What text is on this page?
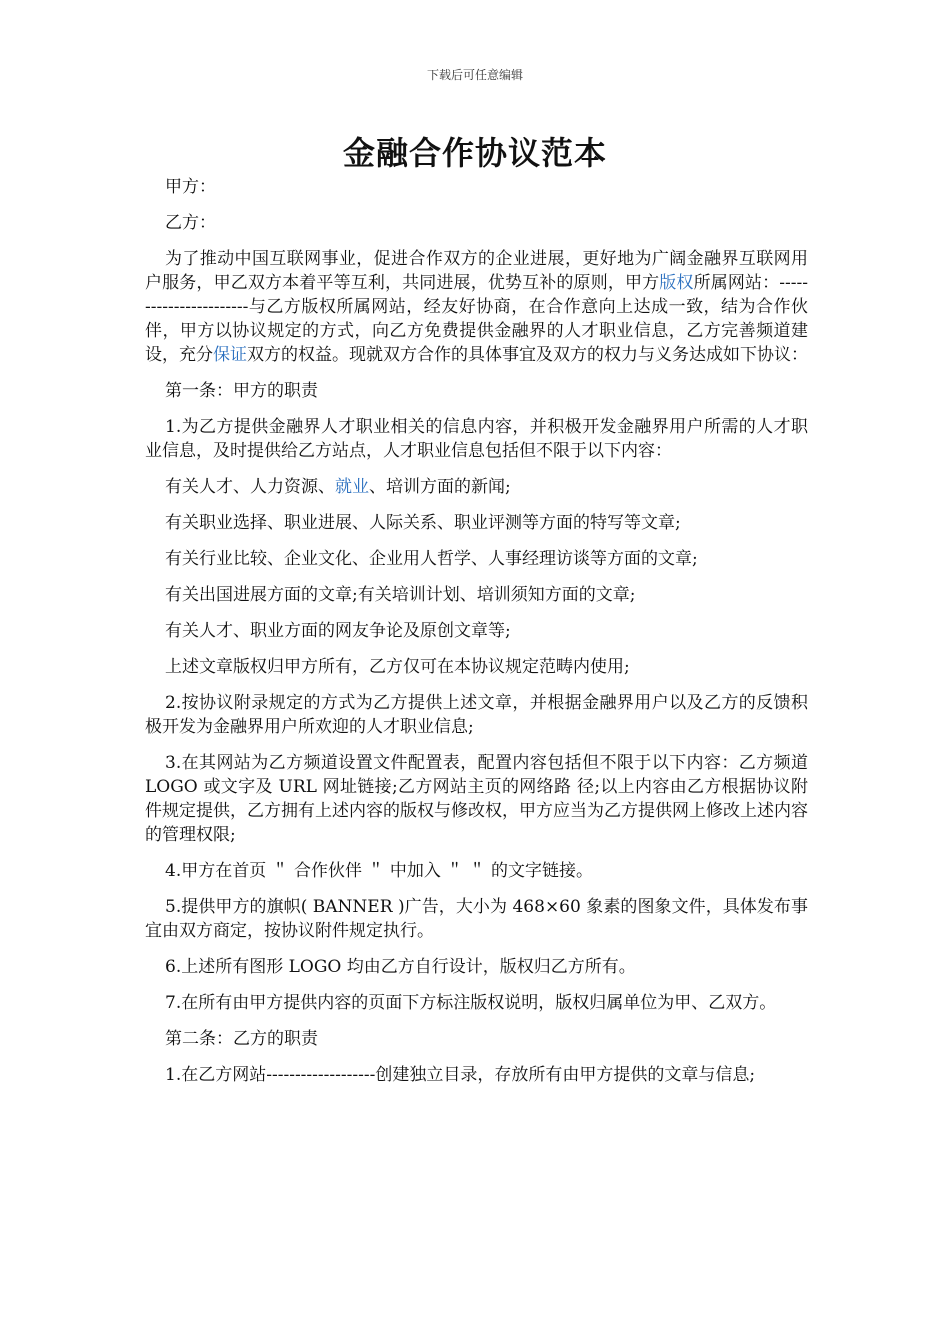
下载后可任意编辑
金融合作协议范本

甲方：

乙方：

为了推动中国互联网事业，促进合作双方的企业进展，更好地为广阔金融界互联网用户服务，甲乙双方本着平等互利，共同进展，优势互补的原则，甲方版权所属网站：-----------------------与乙方版权所属网站，经友好协商，在合作意向上达成一致，结为合作伙伴，甲方以协议规定的方式，向乙方免费提供金融界的人才职业信息，乙方完善频道建设，充分保证双方的权益。现就双方合作的具体事宜及双方的权力与义务达成如下协议：

第一条：甲方的职责

1.为乙方提供金融界人才职业相关的信息内容，并积极开发金融界用户所需的人才职业信息，及时提供给乙方站点，人才职业信息包括但不限于以下内容：

有关人才、人力资源、就业、培训方面的新闻;

有关职业选择、职业进展、人际关系、职业评测等方面的特写等文章;

有关行业比较、企业文化、企业用人哲学、人事经理访谈等方面的文章;

有关出国进展方面的文章;有关培训计划、培训须知方面的文章;

有关人才、职业方面的网友争论及原创文章等;

上述文章版权归甲方所有，乙方仅可在本协议规定范畴内使用;

2.按协议附录规定的方式为乙方提供上述文章，并根据金融界用户以及乙方的反馈积极开发为金融界用户所欢迎的人才职业信息;

3.在其网站为乙方频道设置文件配置表，配置内容包括但不限于以下内容：乙方频道 LOGO 或文字及 URL 网址链接;乙方网站主页的网络路 径;以上内容由乙方根据协议附件规定提供，乙方拥有上述内容的版权与修改权，甲方应当为乙方提供网上修改上述内容的管理权限;

4.甲方在首页 ＂ 合作伙伴 ＂ 中加入 ＂ ＂ 的文字链接。

5.提供甲方的旗帜( BANNER )广告，大小为 468×60 象素的图象文件，具体发布事宜由双方商定，按协议附件规定执行。

6.上述所有图形 LOGO 均由乙方自行设计，版权归乙方所有。

7.在所有由甲方提供内容的页面下方标注版权说明，版权归属单位为甲、乙双方。

第二条：乙方的职责

1.在乙方网站-------------------创建独立目录，存放所有由甲方提供的文章与信息;
